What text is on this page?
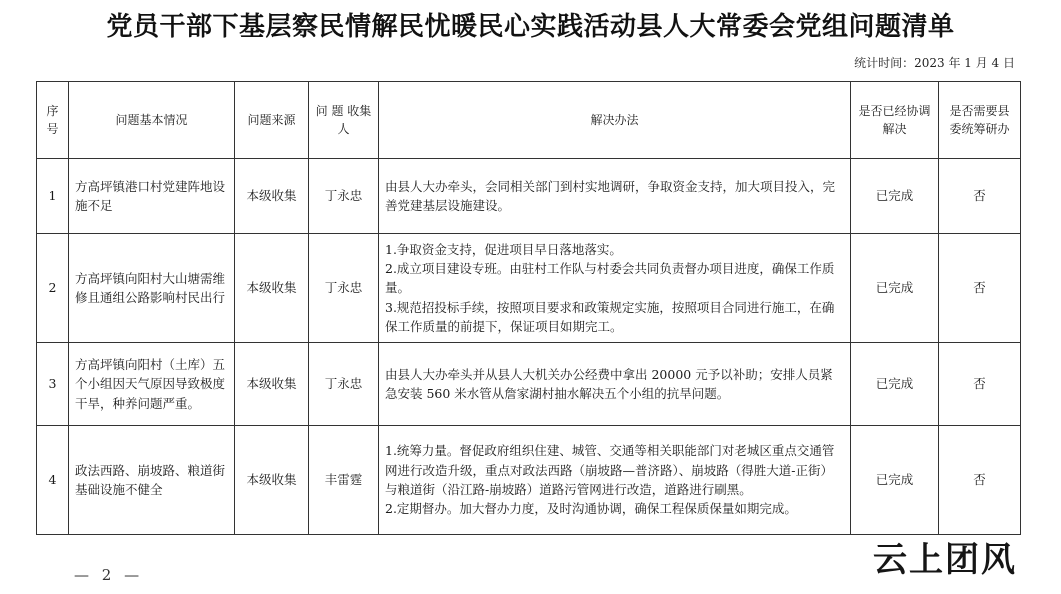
党员干部下基层察民情解民忧暖民心实践活动县人大常委会党组问题清单
统计时间：2023 年 1 月 4 日
序号	问题基本情况	问题来源	问 题 收集人	解决办法	是否已经协调解决	是否需要县 委统筹研办
1	方高坪镇港口村党建阵地设施不足	本级收集	丁永忠	由县人大办牵头，会同相关部门到村实地调研，争取资金支持，加大项目投入，完善党建基层设施建设。	已完成	否
2	方高坪镇向阳村大山塘需维修且通组公路影响村民出行	本级收集	丁永忠	1.争取资金支持，促进项目早日落地落实。
2.成立项目建设专班。由驻村工作队与村委会共同负责督办项目进度，确保工作质量。
3.规范招投标手续，按照项目要求和政策规定实施，按照项目合同进行施工，在确保工作质量的前提下，保证项目如期完工。	已完成	否
3	方高坪镇向阳村（土库）五个小组因天气原因导致极度干旱，种养问题严重。	本级收集	丁永忠	由县人大办牵头并从县人大机关办公经费中拿出 20000 元予以补助；安排人员紧急安装 560 米水管从詹家湖村抽水解决五个小组的抗旱问题。	已完成	否
4	政法西路、崩坡路、粮道街基础设施不健全	本级收集	丰雷霆	1.统筹力量。督促政府组织住建、城管、交通等相关职能部门对老城区重点交通管网进行改造升级，重点对政法西路（崩坡路—普济路）、崩坡路（得胜大道-正街）与粮道街（沿江路-崩坡路）道路污管网进行改造，道路进行刷黑。
2.定期督办。加大督办力度，及时沟通协调，确保工程保质保量如期完成。	已完成	否
云上团风
— 2 —
